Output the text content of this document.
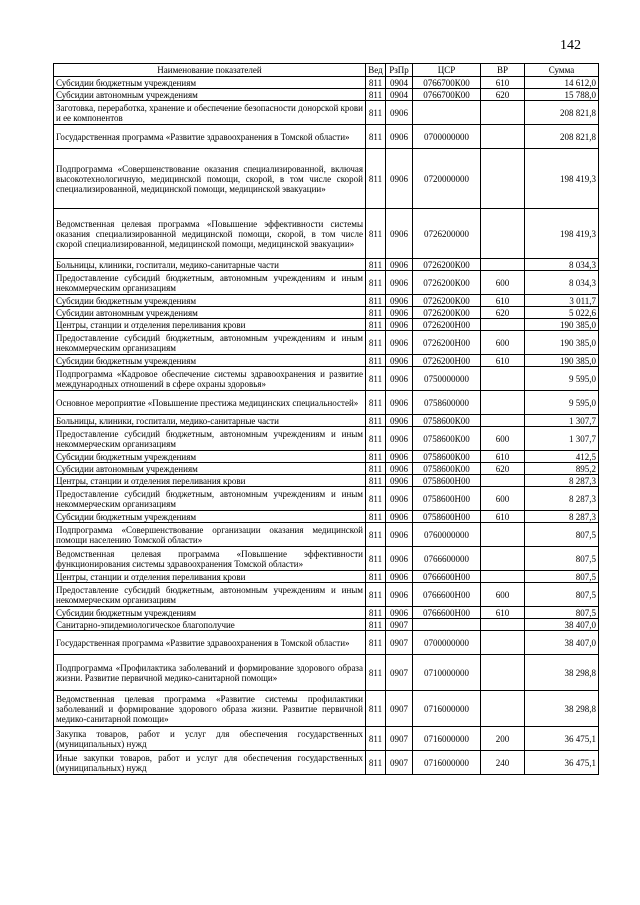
142
Наименование показателей	Вед	РзПр	ЦСР	ВР	Сумма
Субсидии бюджетным учреждениям	811	0904	0766700К00	610	14 612,0
Субсидии автономным учреждениям	811	0904	0766700К00	620	15 788,0
Заготовка, переработка, хранение и обеспечение безопасности донорской крови и ее компонентов	811	0906			208 821,8
Государственная программа «Развитие здравоохранения в Томской области»	811	0906	0700000000		208 821,8
Подпрограмма «Совершенствование оказания специализированной, включая высокотехнологичную, медицинской помощи, скорой, в том числе скорой специализированной, медицинской помощи, медицинской эвакуации»	811	0906	0720000000		198 419,3
Ведомственная целевая программа «Повышение эффективности системы оказания специализированной медицинской помощи, скорой, в том числе скорой специализированной, медицинской помощи, медицинской эвакуации»	811	0906	0726200000		198 419,3
Больницы, клиники, госпитали, медико-санитарные части	811	0906	0726200К00		8 034,3
Предоставление субсидий бюджетным, автономным учреждениям и иным некоммерческим организациям	811	0906	0726200К00	600	8 034,3
Субсидии бюджетным учреждениям	811	0906	0726200К00	610	3 011,7
Субсидии автономным учреждениям	811	0906	0726200К00	620	5 022,6
Центры, станции и отделения переливания крови	811	0906	0726200Н00		190 385,0
Предоставление субсидий бюджетным, автономным учреждениям и иным некоммерческим организациям	811	0906	0726200Н00	600	190 385,0
Субсидии бюджетным учреждениям	811	0906	0726200Н00	610	190 385,0
Подпрограмма «Кадровое обеспечение системы здравоохранения и развитие международных отношений в сфере охраны здоровья»	811	0906	0750000000		9 595,0
Основное мероприятие «Повышение престижа медицинских специальностей»	811	0906	0758600000		9 595,0
Больницы, клиники, госпитали, медико-санитарные части	811	0906	0758600К00		1 307,7
Предоставление субсидий бюджетным, автономным учреждениям и иным некоммерческим организациям	811	0906	0758600К00	600	1 307,7
Субсидии бюджетным учреждениям	811	0906	0758600К00	610	412,5
Субсидии автономным учреждениям	811	0906	0758600К00	620	895,2
Центры, станции и отделения переливания крови	811	0906	0758600Н00		8 287,3
Предоставление субсидий бюджетным, автономным учреждениям и иным некоммерческим организациям	811	0906	0758600Н00	600	8 287,3
Субсидии бюджетным учреждениям	811	0906	0758600Н00	610	8 287,3
Подпрограмма «Совершенствование организации оказания медицинской помощи населению Томской области»	811	0906	0760000000		807,5
Ведомственная целевая программа «Повышение эффективности функционирования системы здравоохранения Томской области»	811	0906	0766600000		807,5
Центры, станции и отделения переливания крови	811	0906	0766600Н00		807,5
Предоставление субсидий бюджетным, автономным учреждениям и иным некоммерческим организациям	811	0906	0766600Н00	600	807,5
Субсидии бюджетным учреждениям	811	0906	0766600Н00	610	807,5
Санитарно-эпидемиологическое благополучие	811	0907			38 407,0
Государственная программа «Развитие здравоохранения в Томской области»	811	0907	0700000000		38 407,0
Подпрограмма «Профилактика заболеваний и формирование здорового образа жизни. Развитие первичной медико-санитарной помощи»	811	0907	0710000000		38 298,8
Ведомственная целевая программа «Развитие системы профилактики заболеваний и формирование здорового образа жизни. Развитие первичной медико-санитарной помощи»	811	0907	0716000000		38 298,8
Закупка товаров, работ и услуг для обеспечения государственных (муниципальных) нужд	811	0907	0716000000	200	36 475,1
Иные закупки товаров, работ и услуг для обеспечения государственных (муниципальных) нужд	811	0907	0716000000	240	36 475,1
